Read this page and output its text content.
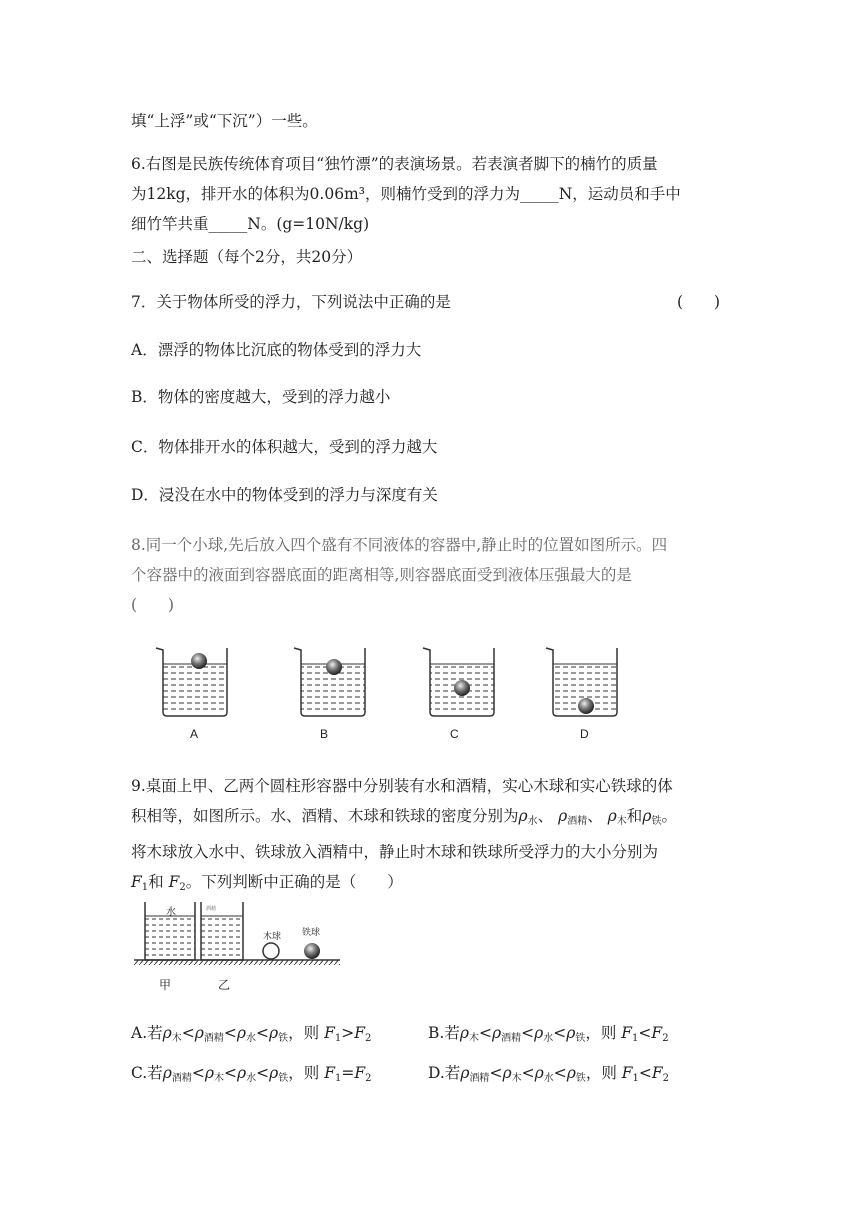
填“上浮”或“下沉”）一些。
6.右图是民族传统体育项目“独竹漂”的表演场景。若表演者脚下的楠竹的质量
为12kg，排开水的体积为0.06m³，则楠竹受到的浮力为_____N，运动员和手中
细竹竿共重_____N。(g=10N/kg)
二、选择题（每个2分，共20分）
7．关于物体所受的浮力，下列说法中正确的是	(　　)
A．漂浮的物体比沉底的物体受到的浮力大
B．物体的密度越大，受到的浮力越小
C．物体排开水的体积越大，受到的浮力越大
D．浸没在水中的物体受到的浮力与深度有关
8.同一个小球,先后放入四个盛有不同液体的容器中,静止时的位置如图所示。四
个容器中的液面到容器底面的距离相等,则容器底面受到液体压强最大的是
(　　)
A	B	C	D
9.桌面上甲、乙两个圆柱形容器中分别装有水和酒精，实心木球和实心铁球的体
积相等，如图所示。水、酒精、木球和铁球的密度分别为$\rho_水$、 $\rho_{酒精}$、 $\rho_木$和$\rho_铁$。
将木球放入水中、铁球放入酒精中，静止时木球和铁球所受浮力的大小分别为
$F_1$和 $F_2$。下列判断中正确的是（　　）
水	酒精
木球 铁球
甲	乙
A.若$\rho_木<\rho_{酒精}<\rho_水<\rho_铁$，则 $F_1>F_2$	B.若$\rho_木<\rho_{酒精}<\rho_水<\rho_铁$，则 $F_1<F_2$
C.若$\rho_{酒精}<\rho_木<\rho_水<\rho_铁$，则 $F_1=F_2$	D.若$\rho_{酒精}<\rho_木<\rho_水<\rho_铁$，则 $F_1<F_2$
